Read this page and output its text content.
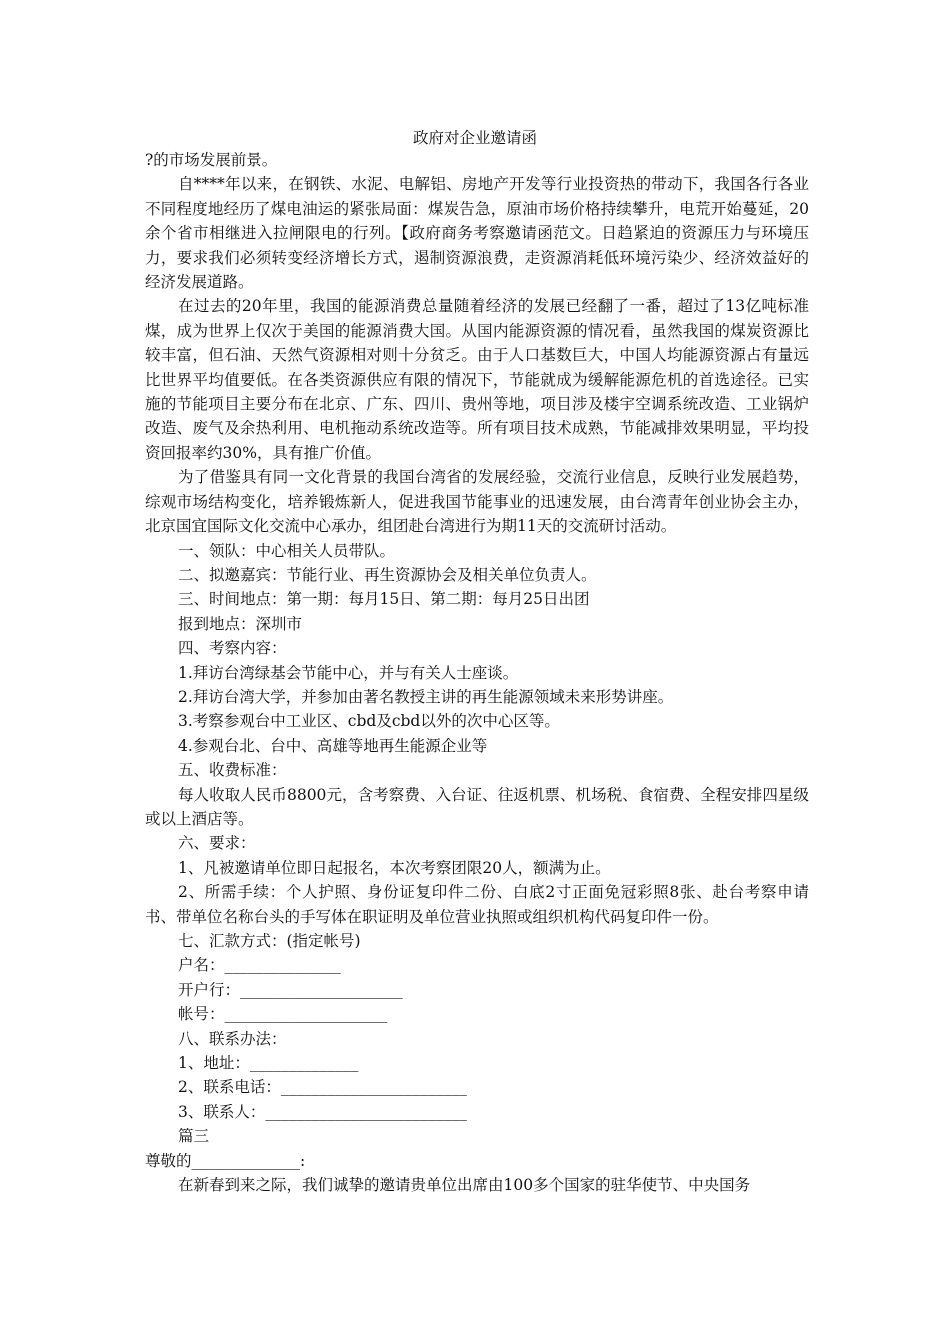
政府对企业邀请函

?的市场发展前景。

自****年以来，在钢铁、水泥、电解铝、房地产开发等行业投资热的带动下，我国各行各业不同程度地经历了煤电油运的紧张局面：煤炭告急，原油市场价格持续攀升，电荒开始蔓延，20余个省市相继进入拉闸限电的行列。【政府商务考察邀请函范文。日趋紧迫的资源压力与环境压力，要求我们必须转变经济增长方式，遏制资源浪费，走资源消耗低环境污染少、经济效益好的经济发展道路。

在过去的20年里，我国的能源消费总量随着经济的发展已经翻了一番，超过了13亿吨标准煤，成为世界上仅次于美国的能源消费大国。从国内能源资源的情况看，虽然我国的煤炭资源比较丰富，但石油、天然气资源相对则十分贫乏。由于人口基数巨大，中国人均能源资源占有量远比世界平均值要低。在各类资源供应有限的情况下，节能就成为缓解能源危机的首选途径。已实施的节能项目主要分布在北京、广东、四川、贵州等地，项目涉及楼宇空调系统改造、工业锅炉改造、废气及余热利用、电机拖动系统改造等。所有项目技术成熟，节能减排效果明显，平均投资回报率约30%，具有推广价值。

为了借鉴具有同一文化背景的我国台湾省的发展经验，交流行业信息，反映行业发展趋势，综观市场结构变化，培养锻炼新人，促进我国节能事业的迅速发展，由台湾青年创业协会主办，北京国宜国际文化交流中心承办，组团赴台湾进行为期11天的交流研讨活动。

一、领队：中心相关人员带队。

二、拟邀嘉宾：节能行业、再生资源协会及相关单位负责人。

三、时间地点：第一期：每月15日、第二期：每月25日出团

报到地点：深圳市

四、考察内容：

1.拜访台湾绿基会节能中心，并与有关人士座谈。

2.拜访台湾大学，并参加由著名教授主讲的再生能源领域未来形势讲座。

3.考察参观台中工业区、cbd及cbd以外的次中心区等。

4.参观台北、台中、高雄等地再生能源企业等

五、收费标准：

每人收取人民币8800元，含考察费、入台证、往返机票、机场税、食宿费、全程安排四星级或以上酒店等。

六、要求：

1、凡被邀请单位即日起报名，本次考察团限20人，额满为止。

2、所需手续：个人护照、身份证复印件二份、白底2寸正面免冠彩照8张、赴台考察申请书、带单位名称台头的手写体在职证明及单位营业执照或组织机构代码复印件一份。

七、汇款方式：(指定帐号)

户名：_______________

开户行：_____________________

帐号：_____________________

八、联系办法：

1、地址：______________

2、联系电话：________________________

3、联系人：__________________________

篇三

尊敬的______________:

在新春到来之际，我们诚挚的邀请贵单位出席由100多个国家的驻华使节、中央国务
